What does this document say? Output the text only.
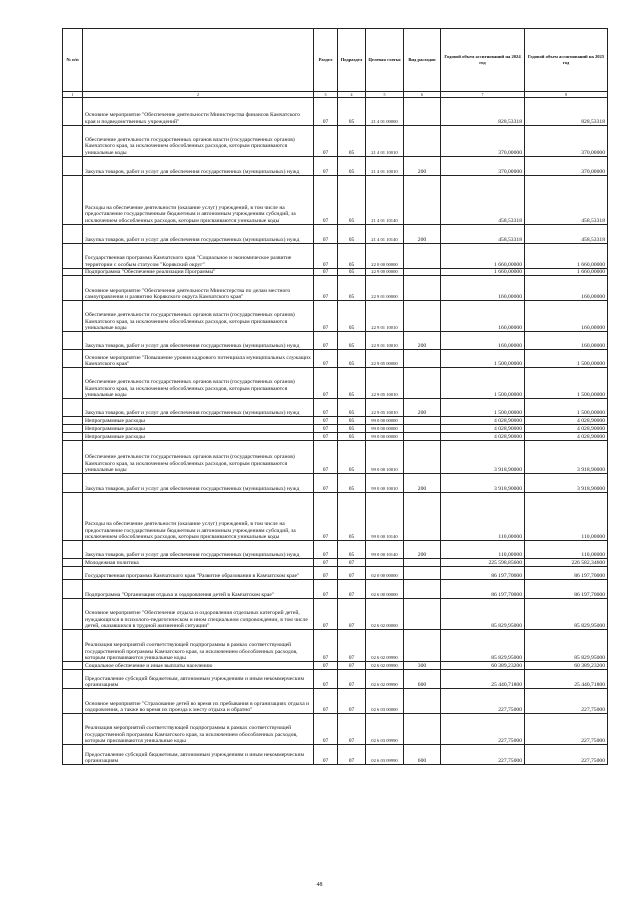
№ п/п		Раздел	Подраздел	Целевая статья	Вид расходов	Годовой объем ассигнований на 2024 год	Годовой объем ассигнований на 2025 год
1	2	3	4	5	6	7	8
	Основное мероприятие "Обеспечение деятельности Министерства финансов Камчатского края и подведомственных учреждений"	07	05	21 4 01 00000		828,53318	828,53318
	Обеспечение деятельности государственных органов власти (государственных органов) Камчатского края, за исключением обособленных расходов, которым присваиваются уникальные коды	07	05	21 4 01 10010		370,00000	370,00000
	Закупка товаров, работ и услуг для обеспечения государственных (муниципальных) нужд	07	05	21 4 01 10010	200	370,00000	370,00000
	Расходы на обеспечение деятельности (оказание услуг) учреждений, в том числе на предоставление государственным бюджетным и автономным учреждениям субсидий, за исключением обособленных расходов, которым присваиваются уникальные коды	07	05	21 4 01 10140		458,53318	458,53318
	Закупка товаров, работ и услуг для обеспечения государственных (муниципальных) нужд	07	05	21 4 01 10140	200	458,53318	458,53318
	Государственная программа Камчатского края "Социальное и экономическое развитие территории с особым статусом "Корякский округ"	07	05	22 0 00 00000		1 660,00000	1 660,00000
	Подпрограмма "Обеспечение реализации Программы"	07	05	22 9 00 00000		1 660,00000	1 660,00000
	Основное мероприятие "Обеспечение деятельности Министерства по делам местного самоуправления и развитию Корякского округа Камчатского края"	07	05	22 9 01 00000		160,00000	160,00000
	Обеспечение деятельности государственных органов власти (государственных органов) Камчатского края, за исключением обособленных расходов, которым присваиваются уникальные коды	07	05	22 9 01 10010		160,00000	160,00000
	Закупка товаров, работ и услуг для обеспечения государственных (муниципальных) нужд	07	05	22 9 01 10010	200	160,00000	160,00000
	Основное мероприятие "Повышение уровня кадрового потенциала муниципальных служащих Камчатского края"	07	05	22 9 05 00000		1 500,00000	1 500,00000
	Обеспечение деятельности государственных органов власти (государственных органов) Камчатского края, за исключением обособленных расходов, которым присваиваются уникальные коды	07	05	22 9 05 10010		1 500,00000	1 500,00000
	Закупка товаров, работ и услуг для обеспечения государственных (муниципальных) нужд	07	05	22 9 05 10010	200	1 500,00000	1 500,00000
	Непрограммные расходы	07	05	99 0 00 00000		4 028,90000	4 028,90000
	Непрограммные расходы	07	05	99 0 00 00000		4 028,90000	4 028,90000
	Непрограммные расходы	07	05	99 0 00 00000		4 028,90000	4 028,90000
	Обеспечение деятельности государственных органов власти (государственных органов) Камчатского края, за исключением обособленных расходов, которым присваиваются уникальные коды	07	05	99 0 00 10010		3 918,90000	3 918,90000
	Закупка товаров, работ и услуг для обеспечения государственных (муниципальных) нужд	07	05	99 0 00 10010	200	3 918,90000	3 918,90000
	Расходы на обеспечение деятельности (оказание услуг) учреждений, в том числе на предоставление государственным бюджетным и автономным учреждениям субсидий, за исключением обособленных расходов, которым присваиваются уникальные коды	07	05	99 0 00 10140		110,00000	110,00000
	Закупка товаров, работ и услуг для обеспечения государственных (муниципальных) нужд	07	05	99 0 00 10140	200	110,00000	110,00000
	Молодежная политика	07	07			225 598,85600	226 582,34600
	Государственная программа Камчатского края "Развитие образования в Камчатском крае"	07	07	02 0 00 00000		86 197,70000	86 197,70000
	Подпрограмма "Организация отдыха и оздоровления детей в Камчатском крае"	07	07	02 6 00 00000		86 197,70000	86 197,70000
	Основное мероприятие "Обеспечение отдыха и оздоровления отдельных категорий детей, нуждающихся в психолого-педагогическом и ином специальном сопровождении, в том числе детей, оказавшихся в трудной жизненной ситуации"	07	07	02 6 02 00000		85 829,95000	85 829,95000
	Реализация мероприятий соответствующей подпрограммы в рамках соответствующей государственной программы Камчатского края, за исключением обособленных расходов, которым присваиваются уникальные коды	07	07	02 6 02 09990		85 829,95000	85 829,95000
	Социальное обеспечение и иные выплаты населению	07	07	02 6 02 09990	300	60 389,23200	60 389,23200
	Предоставление субсидий бюджетным, автономным учреждениям и иным некоммерческим организациям	07	07	02 6 02 09990	600	25 440,71800	25 440,71800
	Основное мероприятие "Страхование детей во время их пребывания в организациях отдыха и оздоровления, а также во время их проезда к месту отдыха и обратно"	07	07	02 6 03 00000		227,75000	227,75000
	Реализация мероприятий соответствующей подпрограммы в рамках соответствующей государственной программы Камчатского края, за исключением обособленных расходов, которым присваиваются уникальные коды	07	07	02 6 03 09990		227,75000	227,75000
	Предоставление субсидий бюджетным, автономным учреждениям и иным некоммерческим организациям	07	07	02 6 03 09990	600	227,75000	227,75000
48
